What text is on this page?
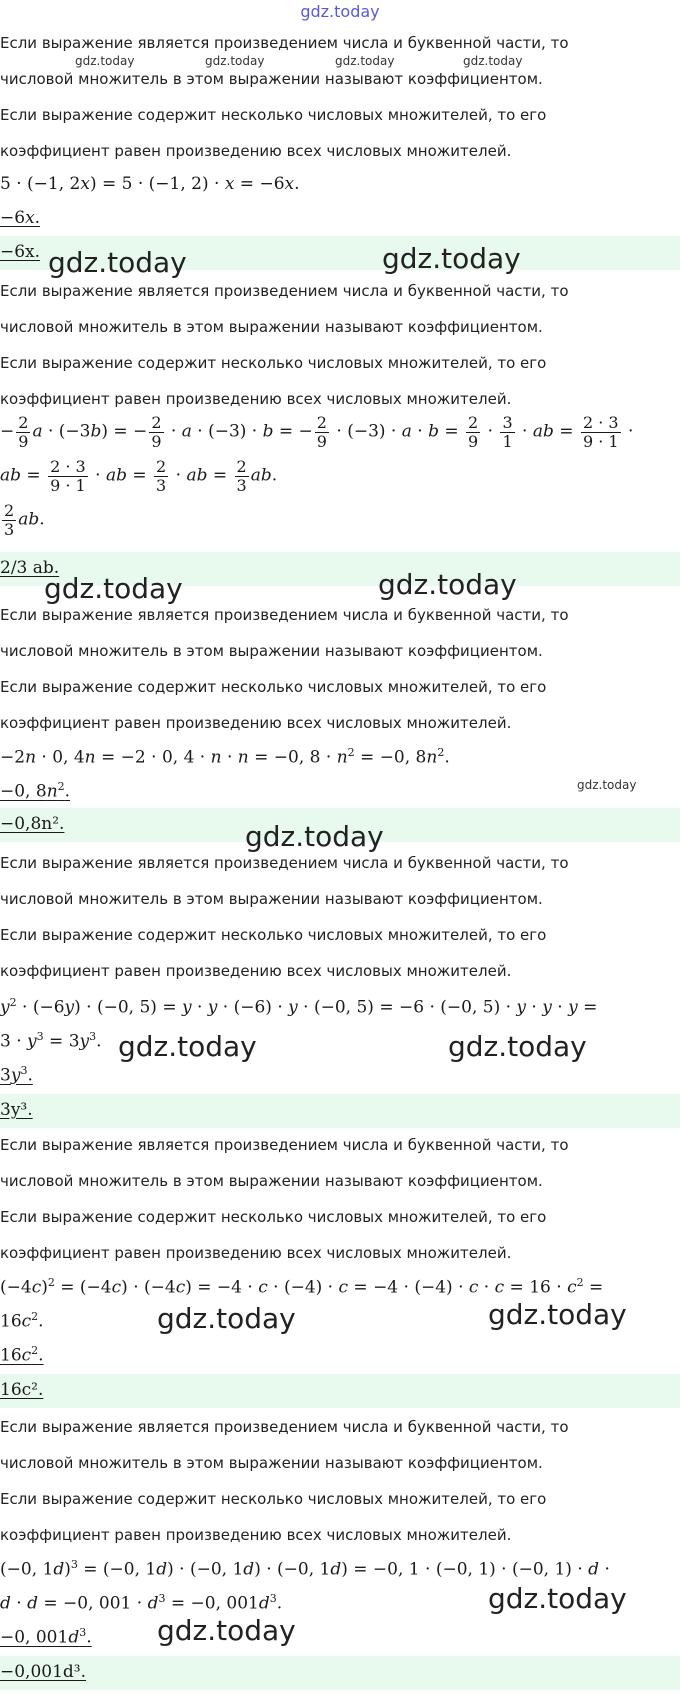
gdz.today
gdz.today	gdz.today	gdz.today	gdz.today
Если выражение является произведением числа и буквенной части, то
числовой множитель в этом выражении называют коэффициентом.
Если выражение содержит несколько числовых множителей, то его
коэффициент равен произведению всех числовых множителей.
5 · (−1, 2x) = 5 · (−1, 2) · x = −6x.
−6x.
−6x. gdz.today	gdz.today
Если выражение является произведением числа и буквенной части, то
числовой множитель в этом выражении называют коэффициентом.
Если выражение содержит несколько числовых множителей, то его
коэффициент равен произведению всех числовых множителей.
− $\frac{2}{9}$ a · (−3b) = − $\frac{2}{9} \cdot a \cdot (-3) \cdot b$ = − $\frac{2}{9} \cdot (-3) \cdot a \cdot b = \frac{2}{9} \cdot \frac{3}{1}$ · ab = $\frac{2 \cdot 3}{9 \cdot 1}$ ·
ab = $\frac{2 \cdot 3}{9 \cdot 1}$ · ab = $\frac{2}{3}$ · ab = $\frac{2}{3}$ ab.
$\frac{2}{3}$ ab.
2/3 ab.
gdz.today	gdz.today
Если выражение является произведением числа и буквенной части, то
числовой множитель в этом выражении называют коэффициентом.
Если выражение содержит несколько числовых множителей, то его
коэффициент равен произведению всех числовых множителей.
−2n · 0, 4n = −2 · 0, 4 · n · n = −0, $8 \cdot n^2 = -0$, $8n^2$.
−0, $8n^2$.	gdz.today
−0,8n².	gdz.today
Если выражение является произведением числа и буквенной части, то
числовой множитель в этом выражении называют коэффициентом.
Если выражение содержит несколько числовых множителей, то его
коэффициент равен произведению всех числовых множителей.
$y^2 \cdot (-6y) \cdot (-0$, 5) = y · y · (−6) · y · (−0, 5) = −6 · (−0, 5) · y · y · y =
$3 \cdot y^3 = 3y^3$. gdz.today	gdz.today
$3y^3$.
3y³.
Если выражение является произведением числа и буквенной части, то
числовой множитель в этом выражении называют коэффициентом.
Если выражение содержит несколько числовых множителей, то его
коэффициент равен произведению всех числовых множителей.
$(-4c)^2 = (-4c) \cdot (-4c) = -4 \cdot c \cdot (-4) \cdot c = -4 \cdot (-4) \cdot c \cdot c = 16 \cdot c^2$ =
$16c^2$.	gdz.today	gdz.today
$16c^2$.
16c².
Если выражение является произведением числа и буквенной части, то
числовой множитель в этом выражении называют коэффициентом.
Если выражение содержит несколько числовых множителей, то его
коэффициент равен произведению всех числовых множителей.
(−0, 1d)$^3$ = (−0, 1d) · (−0, 1d) · (−0, 1d) = −0, 1 · (−0, 1) · (−0, 1) · d ·
d · d = −0, $001 \cdot d^3 = -0$, $001d^3$.	gdz.today
−0, $001d^3$.	gdz.today
−0,001d³.
